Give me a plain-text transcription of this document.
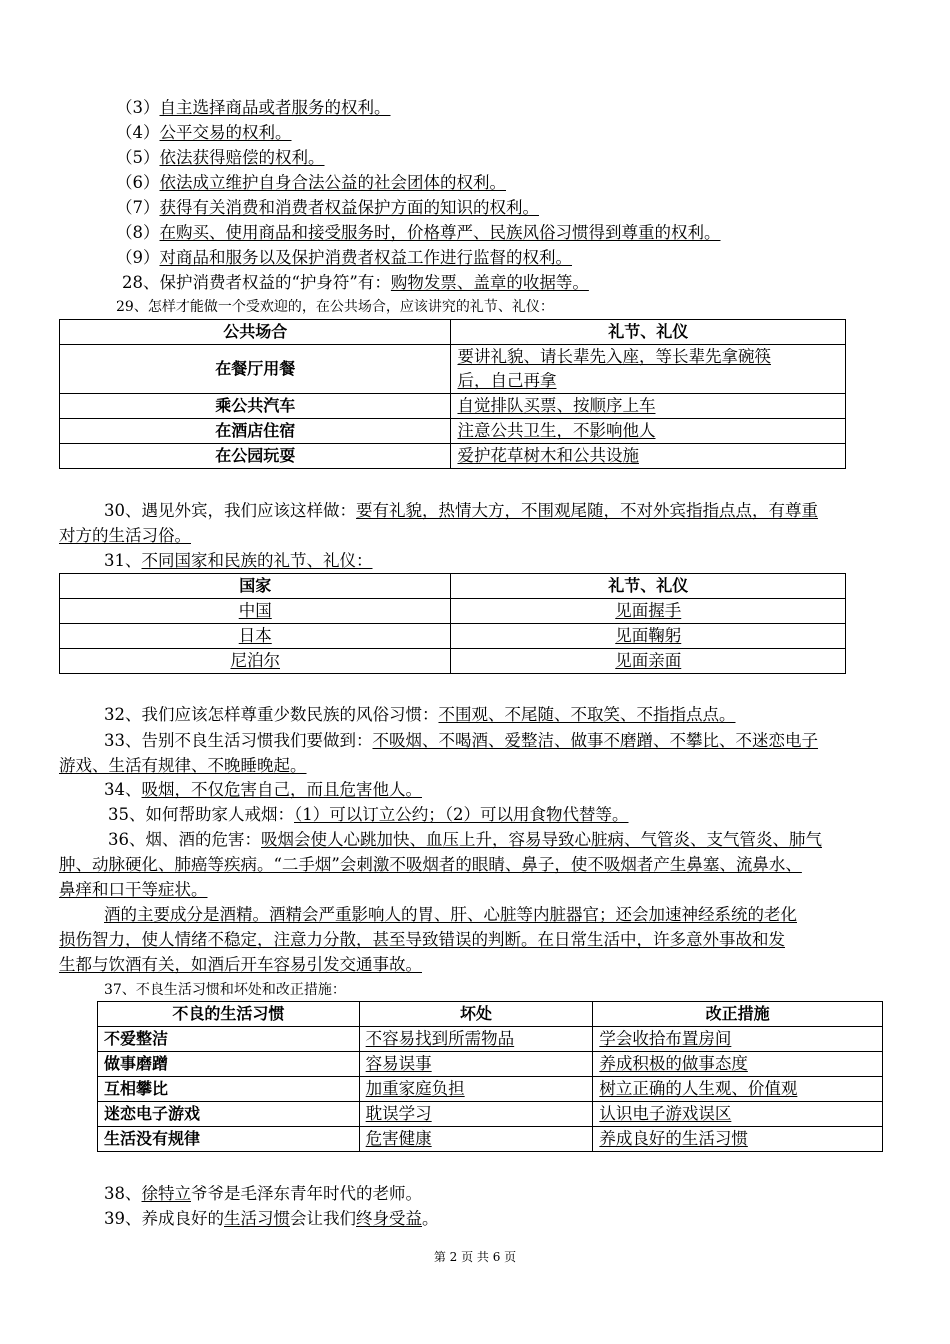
（3）自主选择商品或者服务的权利。
（4）公平交易的权利。
（5）依法获得赔偿的权利。
（6）依法成立维护自身合法公益的社会团体的权利。
（7）获得有关消费和消费者权益保护方面的知识的权利。
（8）在购买、使用商品和接受服务时，价格尊严、民族风俗习惯得到尊重的权利。
（9）对商品和服务以及保护消费者权益工作进行监督的权利。
28、保护消费者权益的“护身符”有：购物发票、盖章的收据等。
29、怎样才能做一个受欢迎的，在公共场合，应该讲究的礼节、礼仪：
公共场合	礼节、礼仪
在餐厅用餐	要讲礼貌、请长辈先入座，等长辈先拿碗筷
后，自己再拿
乘公共汽车	自觉排队买票、按顺序上车
在酒店住宿	注意公共卫生，不影响他人
在公园玩耍	爱护花草树木和公共设施
30、遇见外宾，我们应该这样做：要有礼貌，热情大方，不围观尾随，不对外宾指指点点，有尊重
对方的生活习俗。
31、不同国家和民族的礼节、礼仪：
国家	礼节、礼仪
中国	见面握手
日本	见面鞠躬
尼泊尔	见面亲面
32、我们应该怎样尊重少数民族的风俗习惯：不围观、不尾随、不取笑、不指指点点。
33、告别不良生活习惯我们要做到：不吸烟、不喝酒、爱整洁、做事不磨蹭、不攀比、不迷恋电子
游戏、生活有规律、不晚睡晚起。
34、吸烟，不仅危害自己，而且危害他人。
35、如何帮助家人戒烟：（1）可以订立公约；（2）可以用食物代替等。
36、烟、酒的危害：吸烟会使人心跳加快、血压上升，容易导致心脏病、气管炎、支气管炎、肺气
肿、动脉硬化、肺癌等疾病。“二手烟”会刺激不吸烟者的眼睛、鼻子，使不吸烟者产生鼻塞、流鼻水、
鼻痒和口干等症状。
酒的主要成分是酒精。酒精会严重影响人的胃、肝、心脏等内脏器官；还会加速神经系统的老化
损伤智力，使人情绪不稳定，注意力分散，甚至导致错误的判断。在日常生活中，许多意外事故和发
生都与饮酒有关，如酒后开车容易引发交通事故。
37、不良生活习惯和坏处和改正措施：
不良的生活习惯	坏处	改正措施
不爱整洁	不容易找到所需物品	学会收拾布置房间
做事磨蹭	容易误事	养成积极的做事态度
互相攀比	加重家庭负担	树立正确的人生观、价值观
迷恋电子游戏	耽误学习	认识电子游戏误区
生活没有规律	危害健康	养成良好的生活习惯
38、徐特立爷爷是毛泽东青年时代的老师。
39、养成良好的生活习惯会让我们终身受益。
第 2 页 共 6 页
